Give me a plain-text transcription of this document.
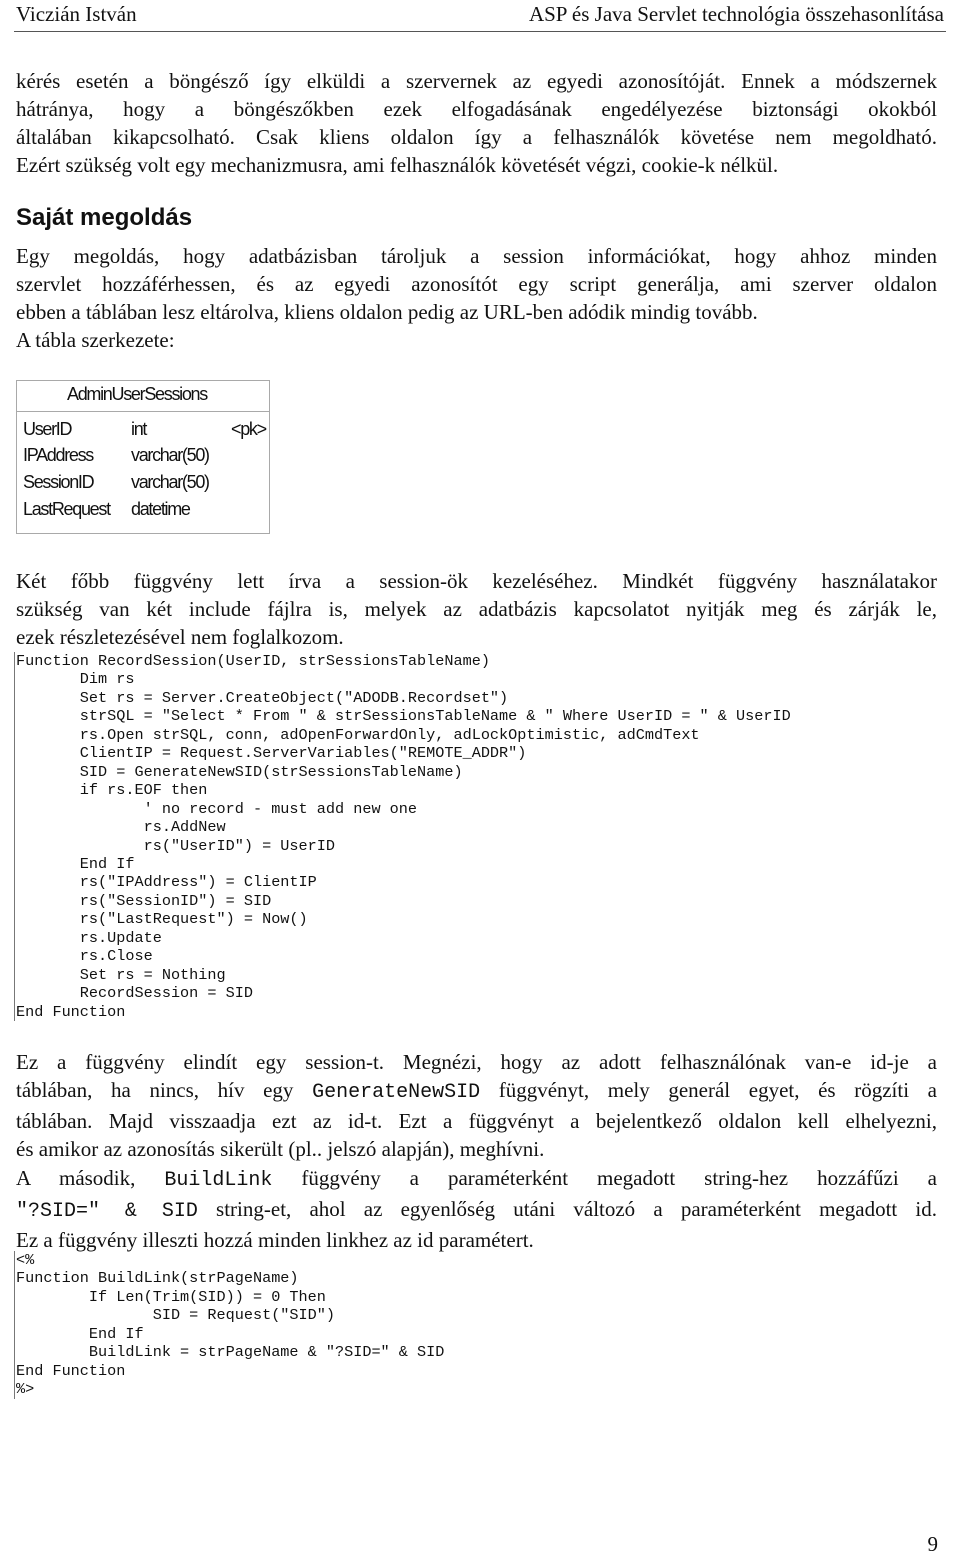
Viczián István	ASP és Java Servlet technológia összehasonlítása

kérés esetén a böngésző így elküldi a szervernek az egyedi azonosítóját. Ennek a módszernek

hátránya, hogy a böngészőkben ezek elfogadásának engedélyezése biztonsági okokból

általában kikapcsolható. Csak kliens oldalon így a felhasználók követése nem megoldható.

Ezért szükség volt egy mechanizmusra, ami felhasználók követését végzi, cookie-k nélkül.

Saját megoldás

Egy megoldás, hogy adatbázisban tároljuk a session információkat, hogy ahhoz minden

szervlet hozzáférhessen, és az egyedi azonosítót egy script generálja, ami szerver oldalon

ebben a táblában lesz eltárolva, kliens oldalon pedig az URL-ben adódik mindig tovább.

A tábla szerkezete:

AdminUserSessions
UserID	int	<pk>
IPAddress varchar(50)
SessionID varchar(50)
LastRequest datetime

Két főbb függvény lett írva a session-ök kezeléséhez. Mindkét függvény használatakor

szükség van két include fájlra is, melyek az adatbázis kapcsolatot nyitják meg és zárják le,

ezek részletezésével nem foglalkozom.

Function RecordSession(UserID, strSessionsTableName)
Dim rs
Set rs = Server.CreateObject("ADODB.Recordset")
strSQL = "Select * From " & strSessionsTableName & " Where UserID = " & UserID
rs.Open strSQL, conn, adOpenForwardOnly, adLockOptimistic, adCmdText
ClientIP = Request.ServerVariables("REMOTE_ADDR")
SID = GenerateNewSID(strSessionsTableName)
if rs.EOF then
' no record - must add new one
rs.AddNew
rs("UserID") = UserID
End If
rs("IPAddress") = ClientIP
rs("SessionID") = SID
rs("LastRequest") = Now()
rs.Update
rs.Close
Set rs = Nothing
RecordSession = SID
End Function

Ez a függvény elindít egy session-t. Megnézi, hogy az adott felhasználónak van-e id-je a

táblában, ha nincs, hív egy GenerateNewSID függvényt, mely generál egyet, és rögzíti a

táblában. Majd visszaadja ezt az id-t. Ezt a függvényt a bejelentkező oldalon kell elhelyezni,

és amikor az azonosítás sikerült (pl.. jelszó alapján), meghívni.

A második, BuildLink függvény a paraméterként megadott string-hez hozzáfűzi a

"?SID=" & SID string-et, ahol az egyenlőség utáni változó a paraméterként megadott id.

Ez a függvény illeszti hozzá minden linkhez az id paramétert.

<%
Function BuildLink(strPageName)
If Len(Trim(SID)) = 0 Then
SID = Request("SID")
End If
BuildLink = strPageName & "?SID=" & SID
End Function
%>
9
